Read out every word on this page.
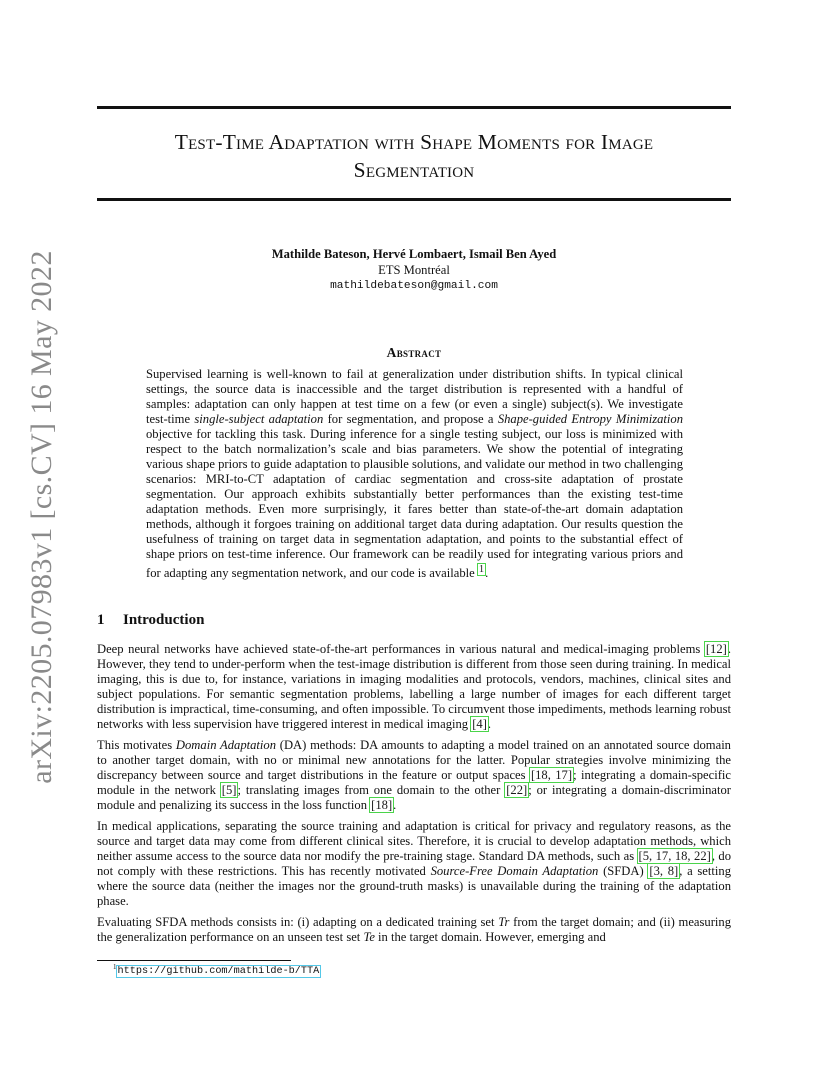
arXiv:2205.07983v1 [cs.CV] 16 May 2022
Test-Time Adaptation with Shape Moments for Image
Segmentation
Mathilde Bateson, Hervé Lombaert, Ismail Ben Ayed
ETS Montréal
mathildebateson@gmail.com
Abstract
Supervised learning is well-known to fail at generalization under distribution shifts. In typical clinical settings, the source data is inaccessible and the target distribution is represented with a handful of samples: adaptation can only happen at test time on a few (or even a single) subject(s). We investigate test-time single-subject adaptation for segmentation, and propose a Shape-guided Entropy Minimization objective for tackling this task. During inference for a single testing subject, our loss is minimized with respect to the batch normalization’s scale and bias parameters. We show the potential of integrating various shape priors to guide adaptation to plausible solutions, and validate our method in two challenging scenarios: MRI-to-CT adaptation of cardiac segmentation and cross-site adaptation of prostate segmentation. Our approach exhibits substantially better performances than the existing test-time adaptation methods. Even more surprisingly, it fares better than state-of-the-art domain adaptation methods, although it forgoes training on additional target data during adaptation. Our results question the usefulness of training on target data in segmentation adaptation, and points to the substantial effect of shape priors on test-time inference. Our framework can be readily used for integrating various priors and for adapting any segmentation network, and our code is available $^1$.
1 Introduction

Deep neural networks have achieved state-of-the-art performances in various natural and medical-imaging problems [12]. However, they tend to under-perform when the test-image distribution is different from those seen during training. In medical imaging, this is due to, for instance, variations in imaging modalities and protocols, vendors, machines, clinical sites and subject populations. For semantic segmentation problems, labelling a large number of images for each different target distribution is impractical, time-consuming, and often impossible. To circumvent those impediments, methods learning robust networks with less supervision have triggered interest in medical imaging [4].

This motivates Domain Adaptation (DA) methods: DA amounts to adapting a model trained on an annotated source domain to another target domain, with no or minimal new annotations for the latter. Popular strategies involve minimizing the discrepancy between source and target distributions in the feature or output spaces [18, 17]; integrating a domain-specific module in the network [5]; translating images from one domain to the other [22]; or integrating a domain-discriminator module and penalizing its success in the loss function [18].

In medical applications, separating the source training and adaptation is critical for privacy and regulatory reasons, as the source and target data may come from different clinical sites. Therefore, it is crucial to develop adaptation methods, which neither assume access to the source data nor modify the pre-training stage. Standard DA methods, such as [5, 17, 18, 22], do not comply with these restrictions. This has recently motivated Source-Free Domain Adaptation (SFDA) [3, 8], a setting where the source data (neither the images nor the ground-truth masks) is unavailable during the training of the adaptation phase.

Evaluating SFDA methods consists in: (i) adapting on a dedicated training set Tr from the target domain; and (ii) measuring the generalization performance on an unseen test set Te in the target domain. However, emerging and

$^1$https://github.com/mathilde-b/TTA
